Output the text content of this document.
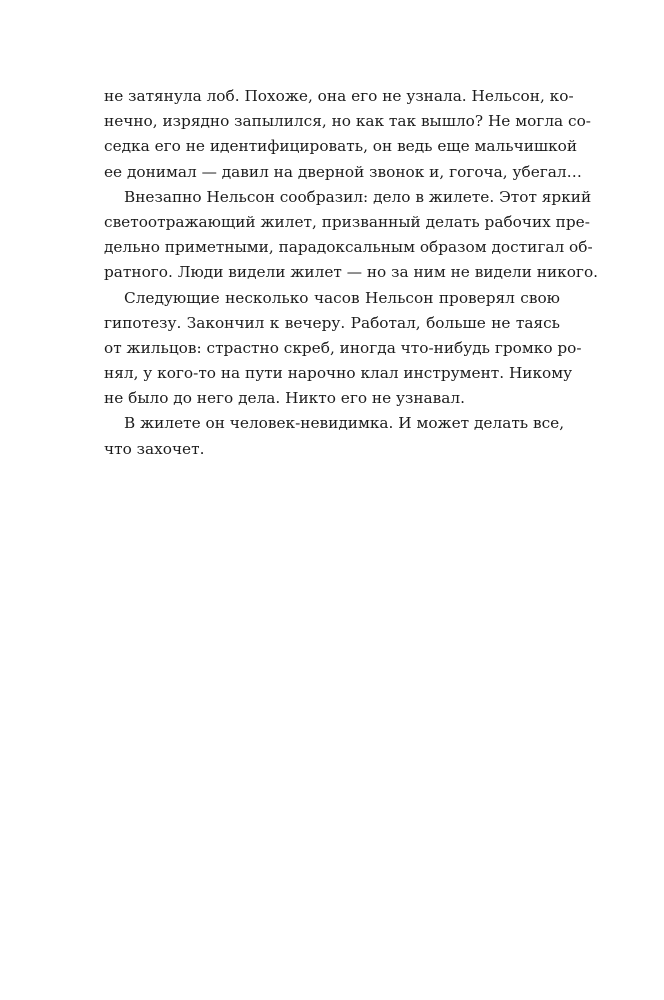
не затянула лоб. Похоже, она его не узнала. Нельсон, ко-
нечно, изрядно запылился, но как так вышло? Не могла со-
седка его не идентифицировать, он ведь еще мальчишкой
ее донимал — давил на дверной звонок и, гогоча, убегал…
Внезапно Нельсон сообразил: дело в жилете. Этот яркий
светоотражающий жилет, призванный делать рабочих пре-
дельно приметными, парадоксальным образом достигал об-
ратного. Люди видели жилет — но за ним не видели никого.
Следующие несколько часов Нельсон проверял свою
гипотезу. Закончил к вечеру. Работал, больше не таясь
от жильцов: страстно скреб, иногда что-нибудь громко ро-
нял, у кого-то на пути нарочно клал инструмент. Никому
не было до него дела. Никто его не узнавал.
В жилете он человек-невидимка. И может делать все,
что захочет.
